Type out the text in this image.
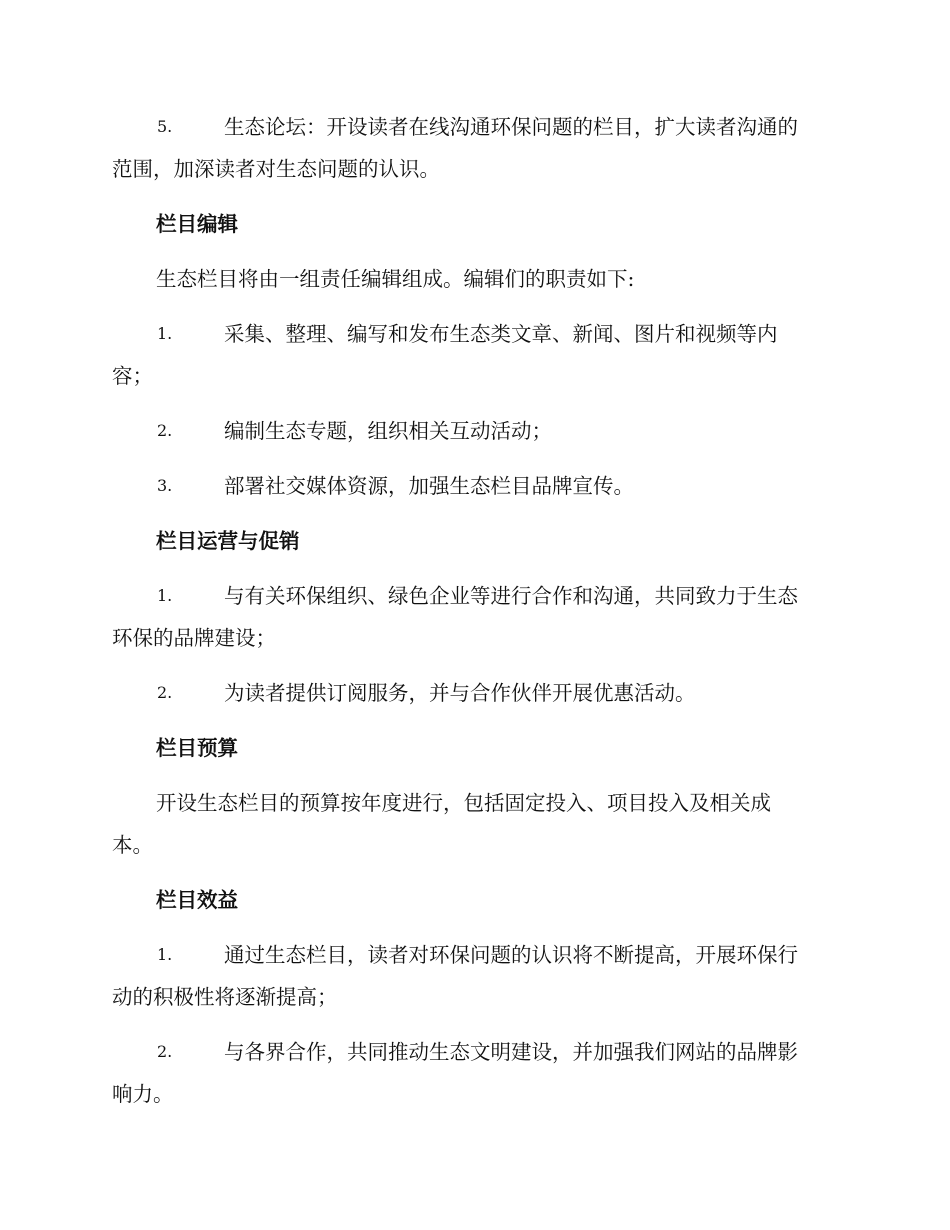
5.	生态论坛：开设读者在线沟通环保问题的栏目，扩大读者沟通的
范围，加深读者对生态问题的认识。
栏目编辑
生态栏目将由一组责任编辑组成。编辑们的职责如下:
1.	采集、整理、编写和发布生态类文章、新闻、图片和视频等内
容；
2.	编制生态专题，组织相关互动活动；
3.	部署社交媒体资源，加强生态栏目品牌宣传。
栏目运营与促销
1.	与有关环保组织、绿色企业等进行合作和沟通，共同致力于生态
环保的品牌建设；
2.	为读者提供订阅服务，并与合作伙伴开展优惠活动。
栏目预算
开设生态栏目的预算按年度进行，包括固定投入、项目投入及相关成
本。
栏目效益
1.	通过生态栏目，读者对环保问题的认识将不断提高，开展环保行
动的积极性将逐渐提高；
2.	与各界合作，共同推动生态文明建设，并加强我们网站的品牌影
响力。
